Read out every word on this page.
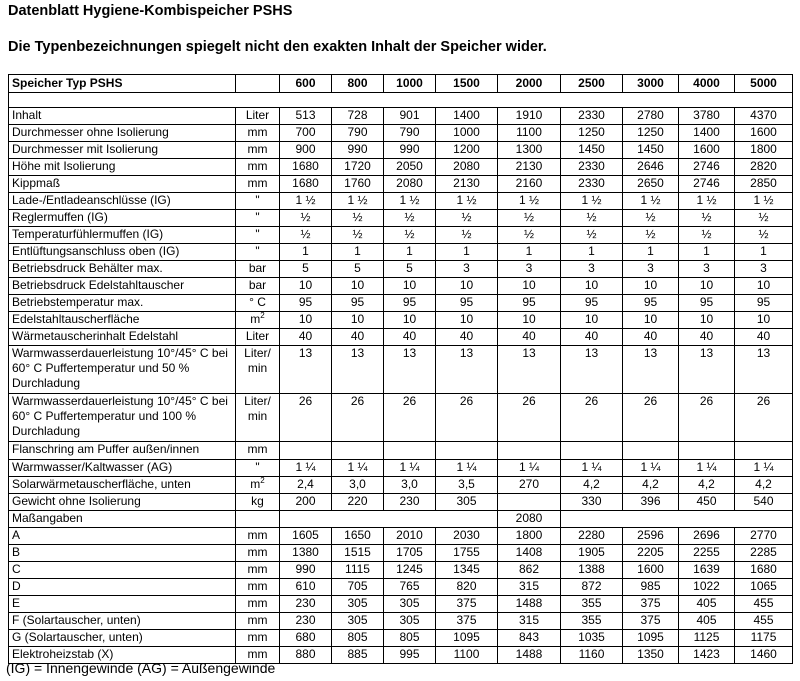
Datenblatt Hygiene-Kombispeicher PSHS
Die Typenbezeichnungen spiegelt nicht den exakten Inhalt der Speicher wider.
Speicher Typ PSHS		600	800	1000	1500	2000	2500	3000	4000	5000

Inhalt	Liter	513	728	901	1400	1910	2330	2780	3780	4370
Durchmesser ohne Isolierung	mm	700	790	790	1000	1100	1250	1250	1400	1600
Durchmesser mit Isolierung	mm	900	990	990	1200	1300	1450	1450	1600	1800
Höhe mit Isolierung	mm	1680	1720	2050	2080	2130	2330	2646	2746	2820
Kippmaß	mm	1680	1760	2080	2130	2160	2330	2650	2746	2850
Lade-/Entladeanschlüsse (IG)	"	1 ½	1 ½	1 ½	1 ½	1 ½	1 ½	1 ½	1 ½	1 ½
Reglermuffen (IG)	"	½	½	½	½	½	½	½	½	½
Temperaturfühlermuffen (IG)	"	½	½	½	½	½	½	½	½	½
Entlüftungsanschluss oben (IG)	"	1	1	1	1	1	1	1	1	1
Betriebsdruck Behälter max.	bar	5	5	5	3	3	3	3	3	3
Betriebsdruck Edelstahltauscher	bar	10	10	10	10	10	10	10	10	10
Betriebstemperatur max.	° C	95	95	95	95	95	95	95	95	95
Edelstahltauscherfläche	$m^2$	10	10	10	10	10	10	10	10	10
Wärmetauscherinhalt Edelstahl	Liter	40	40	40	40	40	40	40	40	40
Warmwasserdauerleistung 10°/45° C bei 60° C Puffertemperatur und 50 % Durchladung	Liter/ min	13	13	13	13	13	13	13	13	13
Warmwasserdauerleistung 10°/45° C bei 60° C Puffertemperatur und 100 % Durchladung	Liter/ min	26	26	26	26	26	26	26	26	26
Flanschring am Puffer außen/innen	mm									
Warmwasser/Kaltwasser (AG)	"	1 ¼	1 ¼	1 ¼	1 ¼	1 ¼	1 ¼	1 ¼	1 ¼	1 ¼
Solarwärmetauscherfläche, unten	$m^2$	2,4	3,0	3,0	3,5	270	4,2	4,2	4,2	4,2
Gewicht ohne Isolierung	kg	200	220	230	305		330	396	450	540
Maßangaben						2080				
A	mm	1605	1650	2010	2030	1800	2280	2596	2696	2770
B	mm	1380	1515	1705	1755	1408	1905	2205	2255	2285
C	mm	990	1115	1245	1345	862	1388	1600	1639	1680
D	mm	610	705	765	820	315	872	985	1022	1065
E	mm	230	305	305	375	1488	355	375	405	455
F (Solartauscher, unten)	mm	230	305	305	375	315	355	375	405	455
G (Solartauscher, unten)	mm	680	805	805	1095	843	1035	1095	1125	1175
Elektroheizstab (X)	mm	880	885	995	1100	1488	1160	1350	1423	1460
(IG) = Innengewinde (AG) = Außengewinde
